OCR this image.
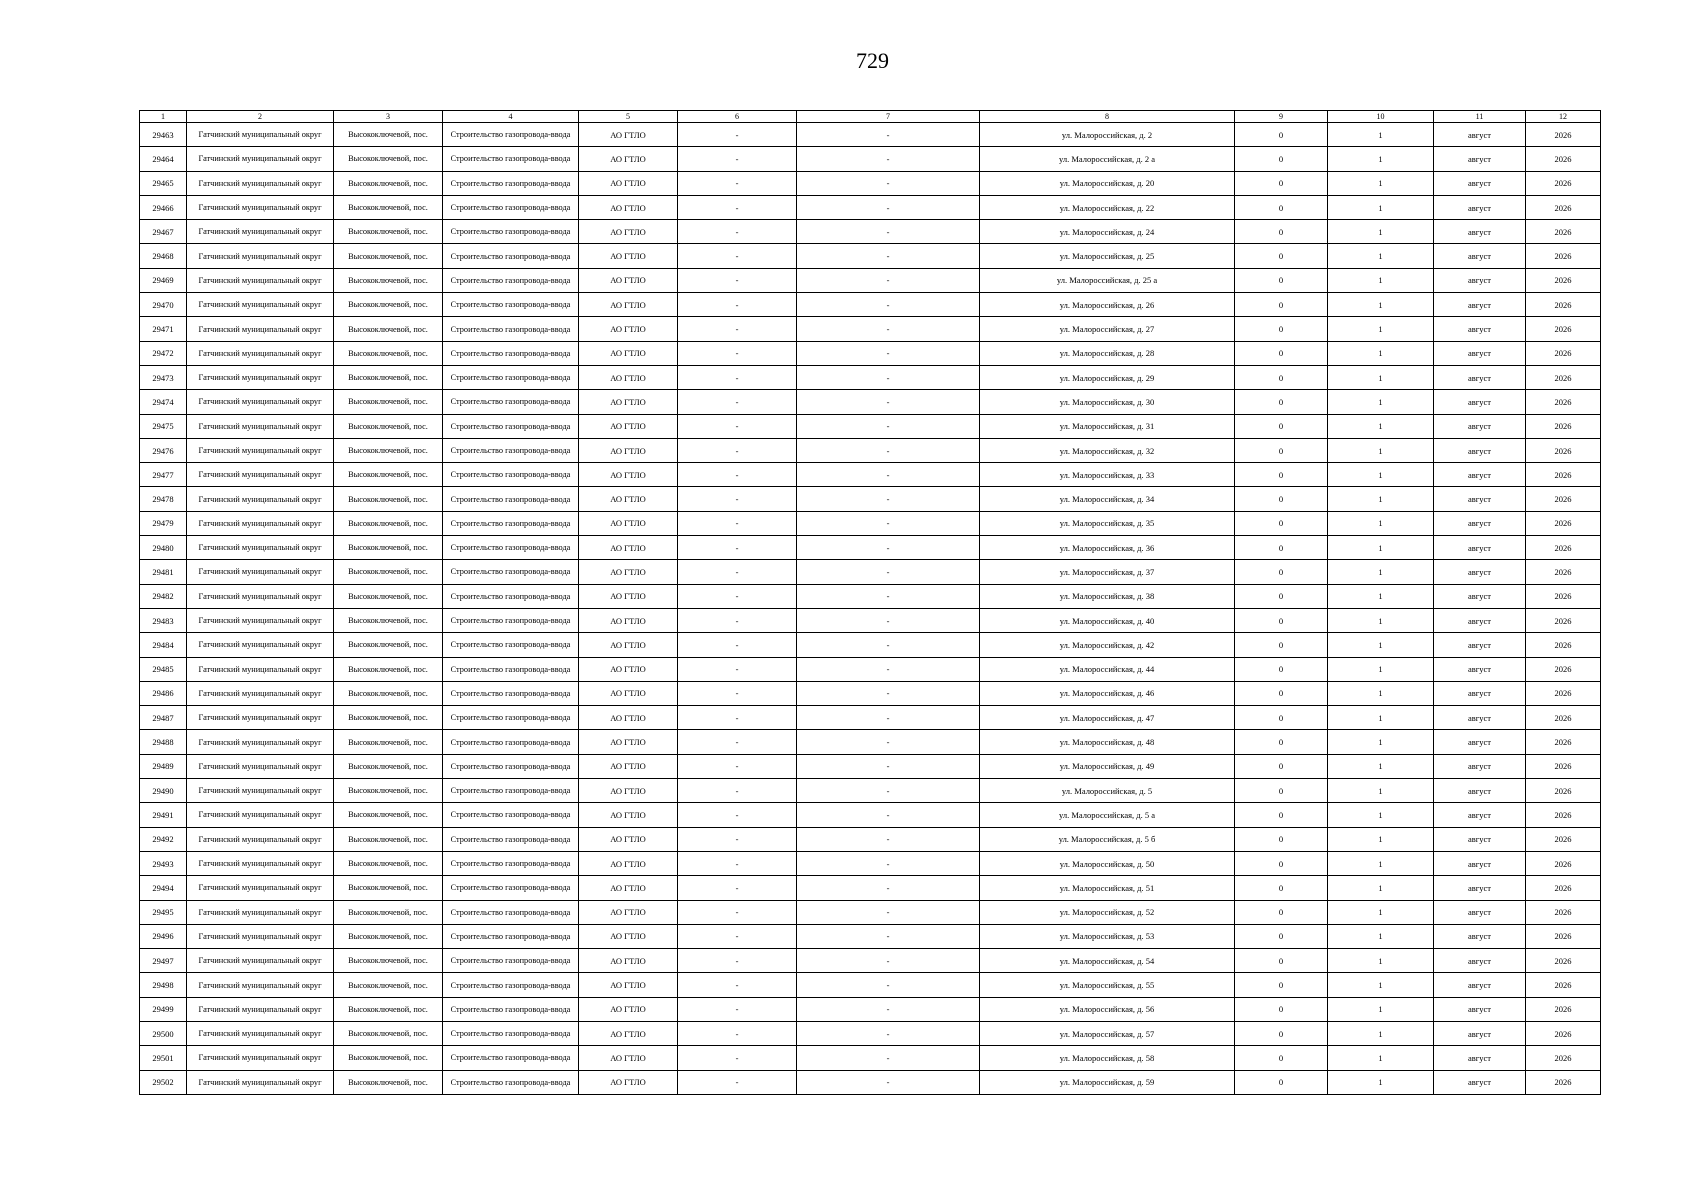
729
1	2	3	4	5	6	7	8	9	10	11	12
29463	Гатчинский муниципальный округ	Высокоключевой, пос.	Строительство газопровода-ввода	АО ГТЛО	-	-	ул. Малороссийская, д. 2	0	1	август	2026
29464	Гатчинский муниципальный округ	Высокоключевой, пос.	Строительство газопровода-ввода	АО ГТЛО	-	-	ул. Малороссийская, д. 2 а	0	1	август	2026
29465	Гатчинский муниципальный округ	Высокоключевой, пос.	Строительство газопровода-ввода	АО ГТЛО	-	-	ул. Малороссийская, д. 20	0	1	август	2026
29466	Гатчинский муниципальный округ	Высокоключевой, пос.	Строительство газопровода-ввода	АО ГТЛО	-	-	ул. Малороссийская, д. 22	0	1	август	2026
29467	Гатчинский муниципальный округ	Высокоключевой, пос.	Строительство газопровода-ввода	АО ГТЛО	-	-	ул. Малороссийская, д. 24	0	1	август	2026
29468	Гатчинский муниципальный округ	Высокоключевой, пос.	Строительство газопровода-ввода	АО ГТЛО	-	-	ул. Малороссийская, д. 25	0	1	август	2026
29469	Гатчинский муниципальный округ	Высокоключевой, пос.	Строительство газопровода-ввода	АО ГТЛО	-	-	ул. Малороссийская, д. 25 а	0	1	август	2026
29470	Гатчинский муниципальный округ	Высокоключевой, пос.	Строительство газопровода-ввода	АО ГТЛО	-	-	ул. Малороссийская, д. 26	0	1	август	2026
29471	Гатчинский муниципальный округ	Высокоключевой, пос.	Строительство газопровода-ввода	АО ГТЛО	-	-	ул. Малороссийская, д. 27	0	1	август	2026
29472	Гатчинский муниципальный округ	Высокоключевой, пос.	Строительство газопровода-ввода	АО ГТЛО	-	-	ул. Малороссийская, д. 28	0	1	август	2026
29473	Гатчинский муниципальный округ	Высокоключевой, пос.	Строительство газопровода-ввода	АО ГТЛО	-	-	ул. Малороссийская, д. 29	0	1	август	2026
29474	Гатчинский муниципальный округ	Высокоключевой, пос.	Строительство газопровода-ввода	АО ГТЛО	-	-	ул. Малороссийская, д. 30	0	1	август	2026
29475	Гатчинский муниципальный округ	Высокоключевой, пос.	Строительство газопровода-ввода	АО ГТЛО	-	-	ул. Малороссийская, д. 31	0	1	август	2026
29476	Гатчинский муниципальный округ	Высокоключевой, пос.	Строительство газопровода-ввода	АО ГТЛО	-	-	ул. Малороссийская, д. 32	0	1	август	2026
29477	Гатчинский муниципальный округ	Высокоключевой, пос.	Строительство газопровода-ввода	АО ГТЛО	-	-	ул. Малороссийская, д. 33	0	1	август	2026
29478	Гатчинский муниципальный округ	Высокоключевой, пос.	Строительство газопровода-ввода	АО ГТЛО	-	-	ул. Малороссийская, д. 34	0	1	август	2026
29479	Гатчинский муниципальный округ	Высокоключевой, пос.	Строительство газопровода-ввода	АО ГТЛО	-	-	ул. Малороссийская, д. 35	0	1	август	2026
29480	Гатчинский муниципальный округ	Высокоключевой, пос.	Строительство газопровода-ввода	АО ГТЛО	-	-	ул. Малороссийская, д. 36	0	1	август	2026
29481	Гатчинский муниципальный округ	Высокоключевой, пос.	Строительство газопровода-ввода	АО ГТЛО	-	-	ул. Малороссийская, д. 37	0	1	август	2026
29482	Гатчинский муниципальный округ	Высокоключевой, пос.	Строительство газопровода-ввода	АО ГТЛО	-	-	ул. Малороссийская, д. 38	0	1	август	2026
29483	Гатчинский муниципальный округ	Высокоключевой, пос.	Строительство газопровода-ввода	АО ГТЛО	-	-	ул. Малороссийская, д. 40	0	1	август	2026
29484	Гатчинский муниципальный округ	Высокоключевой, пос.	Строительство газопровода-ввода	АО ГТЛО	-	-	ул. Малороссийская, д. 42	0	1	август	2026
29485	Гатчинский муниципальный округ	Высокоключевой, пос.	Строительство газопровода-ввода	АО ГТЛО	-	-	ул. Малороссийская, д. 44	0	1	август	2026
29486	Гатчинский муниципальный округ	Высокоключевой, пос.	Строительство газопровода-ввода	АО ГТЛО	-	-	ул. Малороссийская, д. 46	0	1	август	2026
29487	Гатчинский муниципальный округ	Высокоключевой, пос.	Строительство газопровода-ввода	АО ГТЛО	-	-	ул. Малороссийская, д. 47	0	1	август	2026
29488	Гатчинский муниципальный округ	Высокоключевой, пос.	Строительство газопровода-ввода	АО ГТЛО	-	-	ул. Малороссийская, д. 48	0	1	август	2026
29489	Гатчинский муниципальный округ	Высокоключевой, пос.	Строительство газопровода-ввода	АО ГТЛО	-	-	ул. Малороссийская, д. 49	0	1	август	2026
29490	Гатчинский муниципальный округ	Высокоключевой, пос.	Строительство газопровода-ввода	АО ГТЛО	-	-	ул. Малороссийская, д. 5	0	1	август	2026
29491	Гатчинский муниципальный округ	Высокоключевой, пос.	Строительство газопровода-ввода	АО ГТЛО	-	-	ул. Малороссийская, д. 5 а	0	1	август	2026
29492	Гатчинский муниципальный округ	Высокоключевой, пос.	Строительство газопровода-ввода	АО ГТЛО	-	-	ул. Малороссийская, д. 5 б	0	1	август	2026
29493	Гатчинский муниципальный округ	Высокоключевой, пос.	Строительство газопровода-ввода	АО ГТЛО	-	-	ул. Малороссийская, д. 50	0	1	август	2026
29494	Гатчинский муниципальный округ	Высокоключевой, пос.	Строительство газопровода-ввода	АО ГТЛО	-	-	ул. Малороссийская, д. 51	0	1	август	2026
29495	Гатчинский муниципальный округ	Высокоключевой, пос.	Строительство газопровода-ввода	АО ГТЛО	-	-	ул. Малороссийская, д. 52	0	1	август	2026
29496	Гатчинский муниципальный округ	Высокоключевой, пос.	Строительство газопровода-ввода	АО ГТЛО	-	-	ул. Малороссийская, д. 53	0	1	август	2026
29497	Гатчинский муниципальный округ	Высокоключевой, пос.	Строительство газопровода-ввода	АО ГТЛО	-	-	ул. Малороссийская, д. 54	0	1	август	2026
29498	Гатчинский муниципальный округ	Высокоключевой, пос.	Строительство газопровода-ввода	АО ГТЛО	-	-	ул. Малороссийская, д. 55	0	1	август	2026
29499	Гатчинский муниципальный округ	Высокоключевой, пос.	Строительство газопровода-ввода	АО ГТЛО	-	-	ул. Малороссийская, д. 56	0	1	август	2026
29500	Гатчинский муниципальный округ	Высокоключевой, пос.	Строительство газопровода-ввода	АО ГТЛО	-	-	ул. Малороссийская, д. 57	0	1	август	2026
29501	Гатчинский муниципальный округ	Высокоключевой, пос.	Строительство газопровода-ввода	АО ГТЛО	-	-	ул. Малороссийская, д. 58	0	1	август	2026
29502	Гатчинский муниципальный округ	Высокоключевой, пос.	Строительство газопровода-ввода	АО ГТЛО	-	-	ул. Малороссийская, д. 59	0	1	август	2026
